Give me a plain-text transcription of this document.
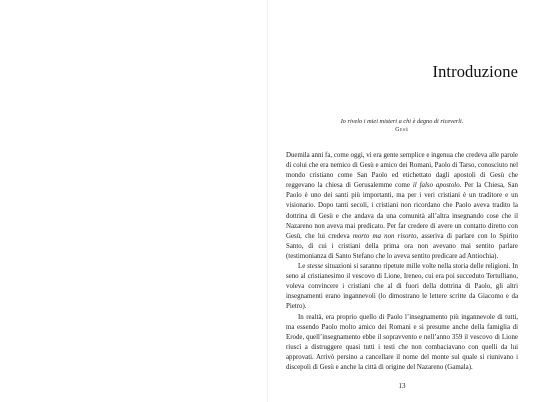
Introduzione
Io rivelo i miei misteri a chi è degno di riceverli.
Gesù

Duemila anni fa, come oggi, vi era gente semplice e ingenua che credeva alle parole di colui che era nemico di Gesù e amico dei Romani, Paolo di Tarso, conosciuto nel mondo cristiano come San Paolo ed etichettato dagli apostoli di Gesù che reggevano la chiesa di Gerusalemme come il falso apostolo. Per la Chiesa, San Paolo è uno dei santi più importanti, ma per i veri cristiani è un traditore e un visionario. Dopo tanti secoli, i cristiani non ricordano che Paolo aveva tradito la dottrina di Gesù e che andava da una comunità all’altra insegnando cose che il Nazareno non aveva mai predicato. Per far credere di avere un contatto diretto con Gesù, che lui credeva morto ma non risorto, asseriva di parlare con lo Spirito Santo, di cui i cristiani della prima ora non avevano mai sentito parlare (testimonianza di Santo Stefano che lo aveva sentito predicare ad Antiochia).

Le stesse situazioni si saranno ripetute mille volte nella storia delle religioni. In seno al cristianesimo il vescovo di Lione, Ireneo, cui era poi succeduto Tertulliano, voleva convincere i cristiani che al di fuori della dottrina di Paolo, gli altri insegnamenti erano ingannevoli (lo dimostrano le lettere scritte da Giacomo e da Pietro).

In realtà, era proprio quello di Paolo l’insegnamento più ingannevole di tutti, ma essendo Paolo molto amico dei Romani e si presume anche della famiglia di Erode, quell’insegnamento ebbe il sopravvento e nell’anno 359 il vescovo di Lione riuscì a distruggere quasi tutti i testi che non combaciavano con quelli da lui approvati. Arrivò persino a cancellare il nome del monte sul quale si riunivano i discepoli di Gesù e anche la città di origine del Nazareno (Gamala).

13
